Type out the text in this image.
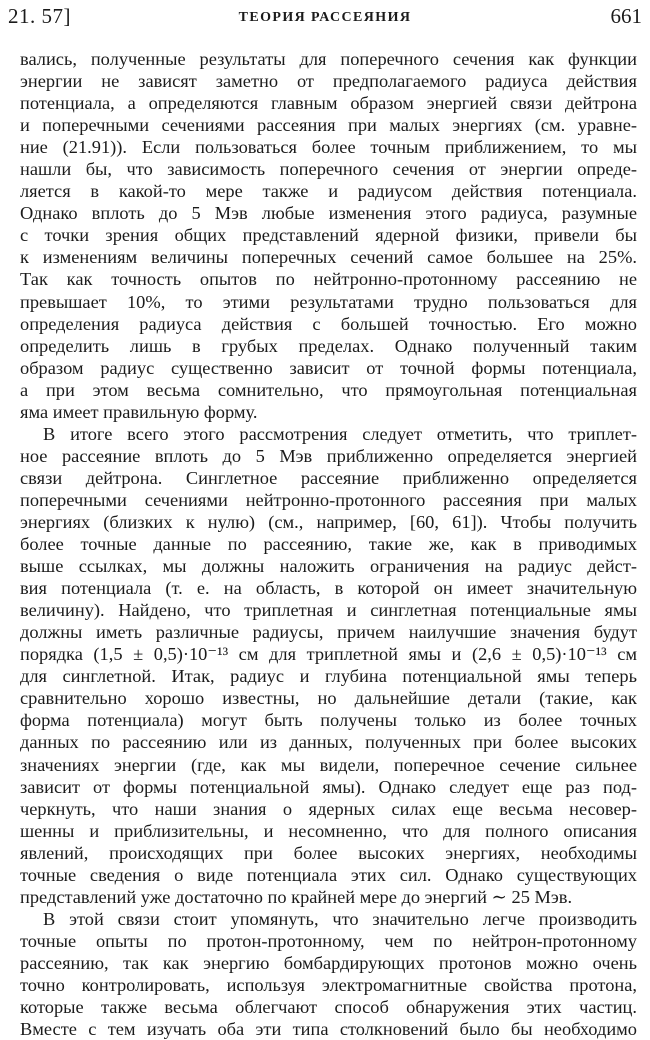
21. 57]	ТЕОРИЯ РАССЕЯНИЯ	661
вались, полученные результаты для поперечного сечения как функции
энергии не зависят заметно от предполагаемого радиуса действия
потенциала, а определяются главным образом энергией связи дейтрона
и поперечными сечениями рассеяния при малых энергиях (см. уравне-
ние (21.91)). Если пользоваться более точным приближением, то мы
нашли бы, что зависимость поперечного сечения от энергии опреде-
ляется в какой-то мере также и радиусом действия потенциала.
Однако вплоть до 5 Мэв любые изменения этого радиуса, разумные
с точки зрения общих представлений ядерной физики, привели бы
к изменениям величины поперечных сечений самое большее на 25%.
Так как точность опытов по нейтронно-протонному рассеянию не
превышает 10%, то этими результатами трудно пользоваться для
определения радиуса действия с большей точностью. Его можно
определить лишь в грубых пределах. Однако полученный таким
образом радиус существенно зависит от точной формы потенциала,
а при этом весьма сомнительно, что прямоугольная потенциальная
яма имеет правильную форму.
В итоге всего этого рассмотрения следует отметить, что триплет-
ное рассеяние вплоть до 5 Мэв приближенно определяется энергией
связи дейтрона. Синглетное рассеяние приближенно определяется
поперечными сечениями нейтронно-протонного рассеяния при малых
энергиях (близких к нулю) (см., например, [60, 61]). Чтобы получить
более точные данные по рассеянию, такие же, как в приводимых
выше ссылках, мы должны наложить ограничения на радиус дейст-
вия потенциала (т. е. на область, в которой он имеет значительную
величину). Найдено, что триплетная и синглетная потенциальные ямы
должны иметь различные радиусы, причем наилучшие значения будут
порядка (1,5 ± 0,5)·10⁻¹³ см для триплетной ямы и (2,6 ± 0,5)·10⁻¹³ см
для синглетной. Итак, радиус и глубина потенциальной ямы теперь
сравнительно хорошо известны, но дальнейшие детали (такие, как
форма потенциала) могут быть получены только из более точных
данных по рассеянию или из данных, полученных при более высоких
значениях энергии (где, как мы видели, поперечное сечение сильнее
зависит от формы потенциальной ямы). Однако следует еще раз под-
черкнуть, что наши знания о ядерных силах еще весьма несовер-
шенны и приблизительны, и несомненно, что для полного описания
явлений, происходящих при более высоких энергиях, необходимы
точные сведения о виде потенциала этих сил. Однако существующих
представлений уже достаточно по крайней мере до энергий ∼ 25 Мэв.
В этой связи стоит упомянуть, что значительно легче производить
точные опыты по протон-протонному, чем по нейтрон-протонному
рассеянию, так как энергию бомбардирующих протонов можно очень
точно контролировать, используя электромагнитные свойства протона,
которые также весьма облегчают способ обнаружения этих частиц.
Вместе с тем изучать оба эти типа столкновений было бы необходимо
